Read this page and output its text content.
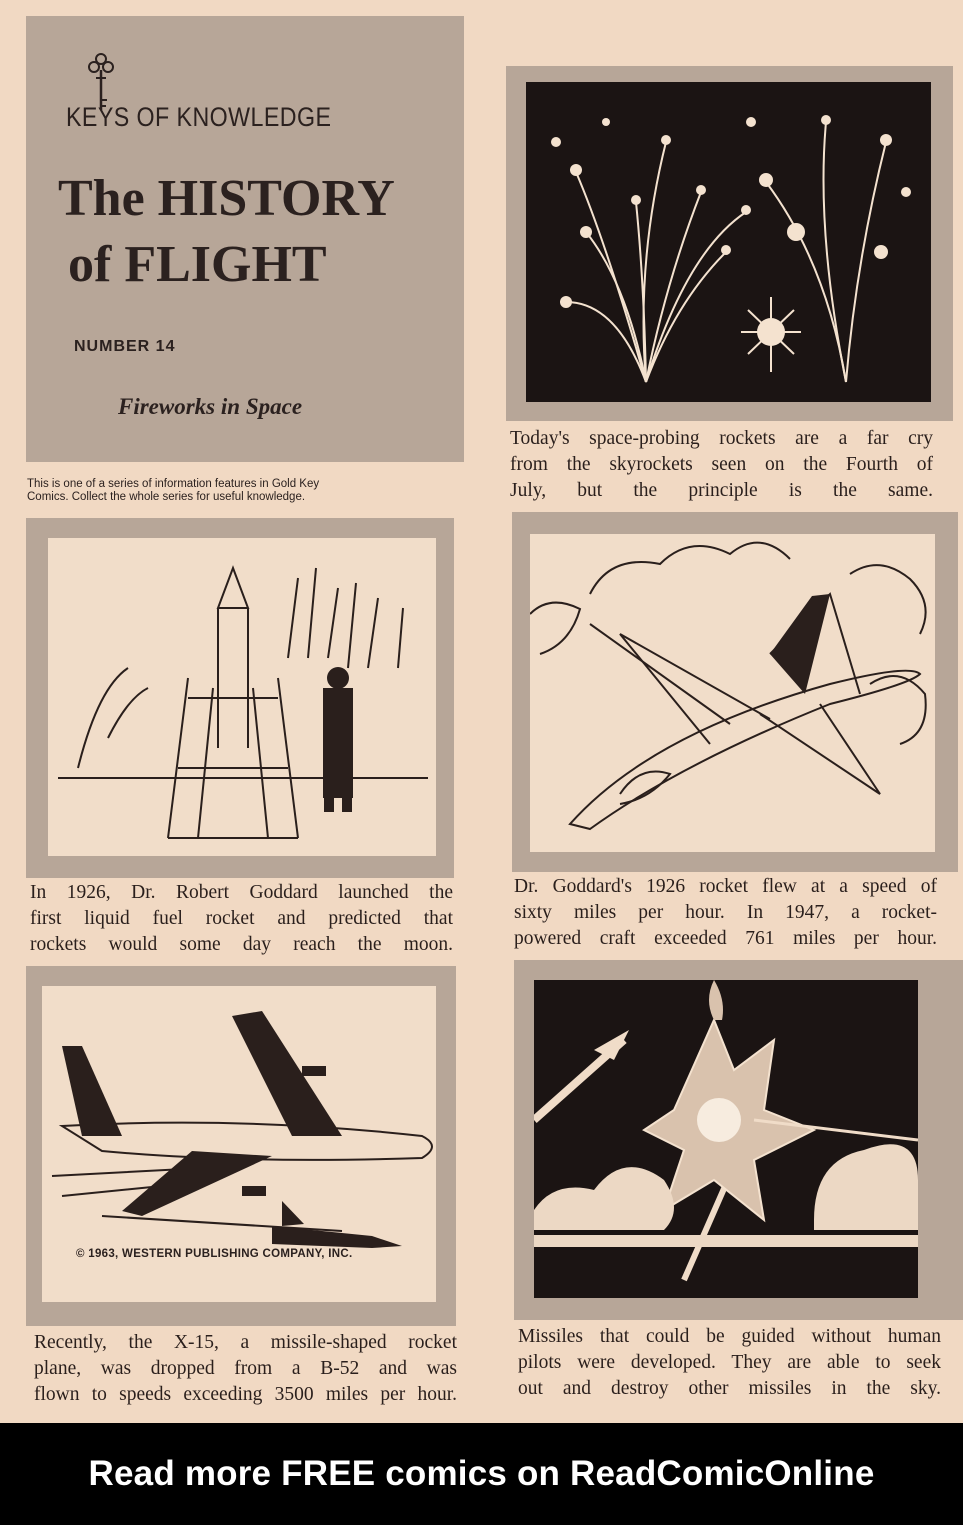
KEYS OF KNOWLEDGE
The HISTORY
of FLIGHT
NUMBER 14
Fireworks in Space
This is one of a series of information features in Gold Key
Comics. Collect the whole series for useful knowledge.
Today's space-probing rockets are a far cry
from the skyrockets seen on the Fourth of
July, but the principle is the same.
In 1926, Dr. Robert Goddard launched the
first liquid fuel rocket and predicted that
rockets would some day reach the moon.
Dr. Goddard's 1926 rocket flew at a speed of
sixty miles per hour. In 1947, a rocket-
powered craft exceeded 761 miles per hour.
© 1963, WESTERN PUBLISHING COMPANY, INC.
Recently, the X-15, a missile-shaped rocket
plane, was dropped from a B-52 and was
flown to speeds exceeding 3500 miles per hour.
Missiles that could be guided without human
pilots were developed. They are able to seek
out and destroy other missiles in the sky.
Read more FREE comics on ReadComicOnline
